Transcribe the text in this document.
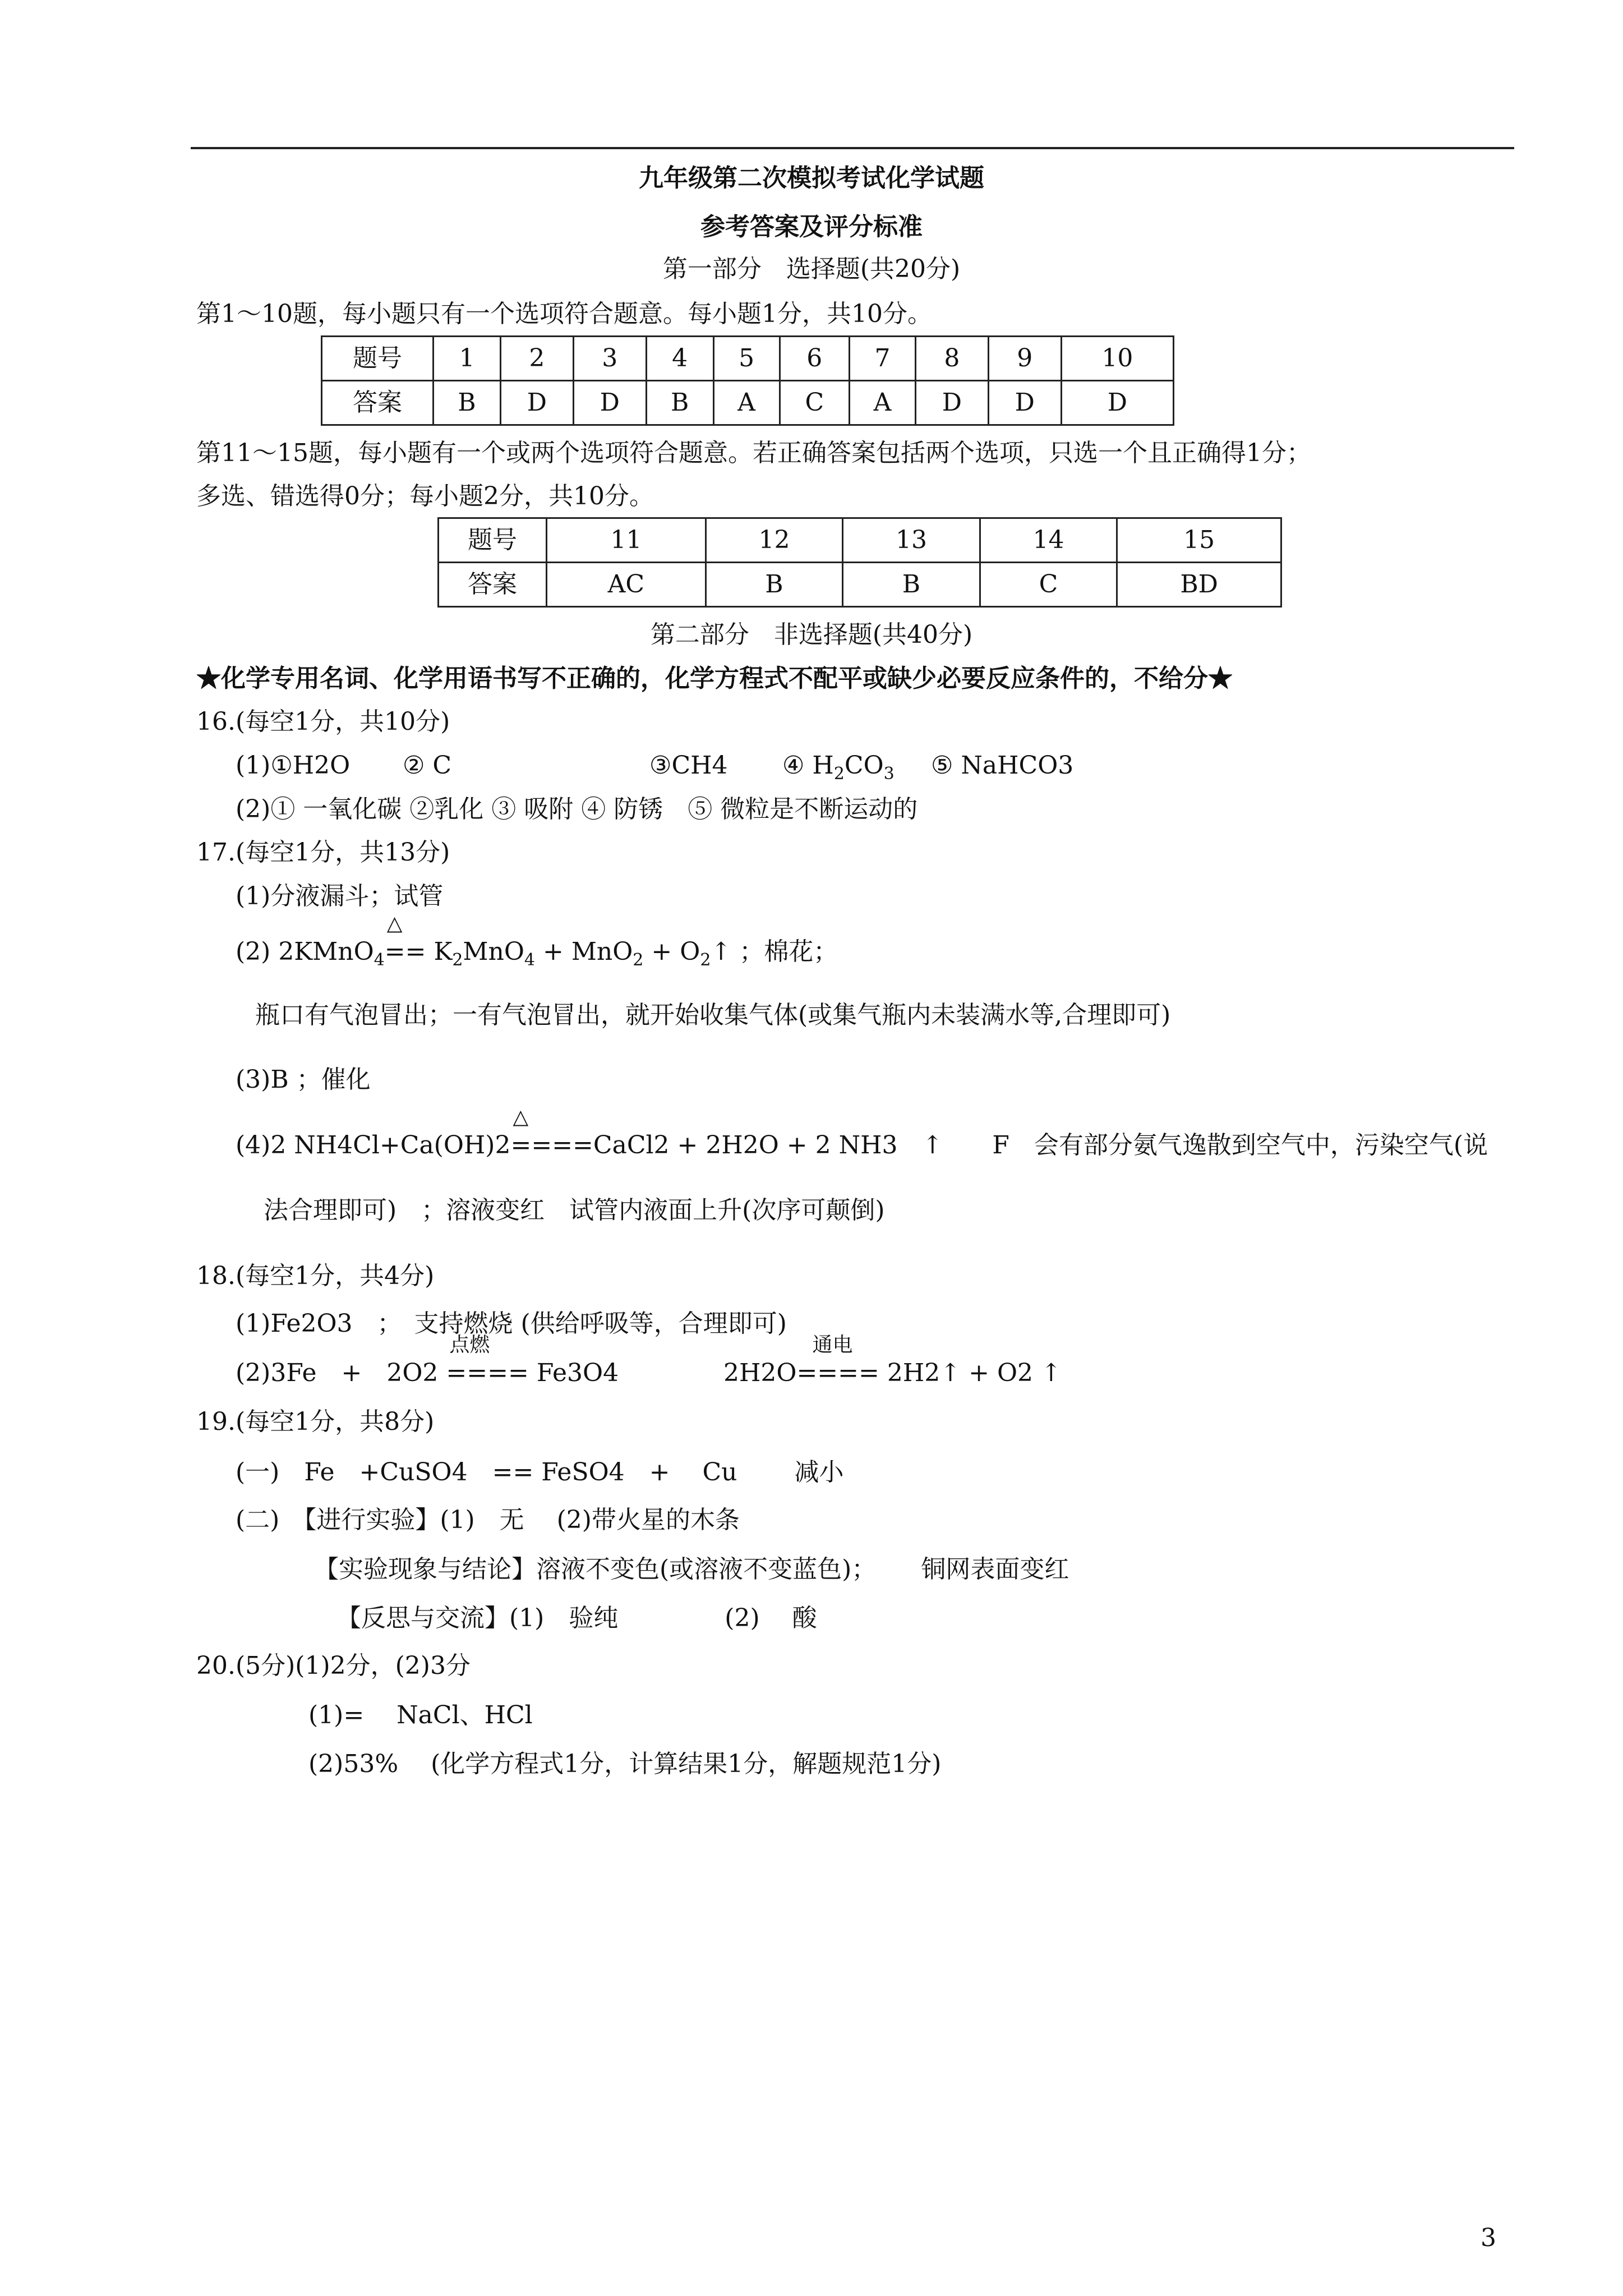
九年级第二次模拟考试化学试题
参考答案及评分标准
第一部分　选择题(共20分)
第1～10题，每小题只有一个选项符合题意。每小题1分，共10分。
题号	1	2	3	4	5	6	7	8	9	10
答案	B	D	D	B	A	C	A	D	D	D
第11～15题，每小题有一个或两个选项符合题意。若正确答案包括两个选项，只选一个且正确得1分；
多选、错选得0分；每小题2分，共10分。
题号	11	12	13	14	15
答案	AC	B	B	C	BD
第二部分　非选择题(共40分)
★化学专用名词、化学用语书写不正确的，化学方程式不配平或缺少必要反应条件的，不给分★
16.(每空1分，共10分)
(1)①H2O ② C	③CH4 ④ $H_2CO_3$ ⑤ NaHCO3
(2)① 一氧化碳 ②乳化 ③ 吸附 ④ 防锈　⑤ 微粒是不断运动的
17.(每空1分，共13分)
(1)分液漏斗；试管
(2) 2KMnO$_4$
△
== $K_2MnO_4 + MnO_2$ + $O_2↑$ ；棉花；
瓶口有气泡冒出；一有气泡冒出，就开始收集气体(或集气瓶内未装满水等,合理即可)
(3)B ；催化
(4)2 NH4Cl+Ca(OH)2
△
====CaCl2 + 2H2O + 2 NH3　↑　　F　会有部分氨气逸散到空气中，污染空气(说
法合理即可)　；溶液变红　试管内液面上升(次序可颠倒)
18.(每空1分，共4分)
(1)Fe2O3　；　支持燃烧 (供给呼吸等，合理即可)
(2)3Fe　+　2O2
点燃
==== Fe3O4	2H2O
通电
==== 2H2↑ + O2 ↑
19.(每空1分，共8分)
(一)　Fe　+CuSO4　== FeSO4　+　 Cu　　 减小
(二)　【进行实验】(1)　无　 (2)带火星的木条
【实验现象与结论】溶液不变色(或溶液不变蓝色)；　　 铜网表面变红
【反思与交流】(1)　验纯　　　　 (2)　 酸
20.(5分)(1)2分，(2)3分
(1)=　 NaCl、HCl
(2)53%　 (化学方程式1分，计算结果1分，解题规范1分)
3
